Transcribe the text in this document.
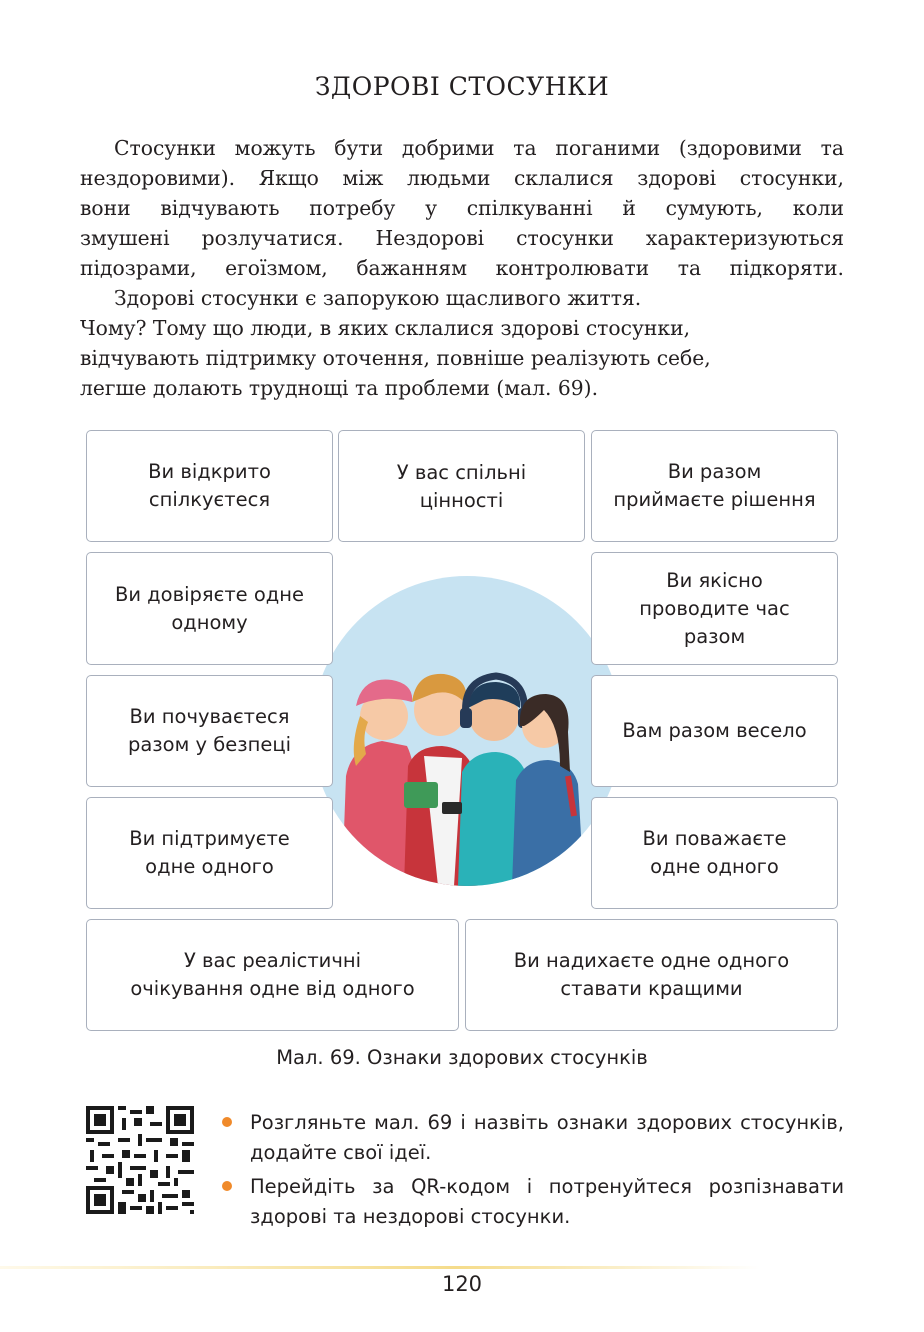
ЗДОРОВІ СТОСУНКИ

Стосунки можуть бути добрими та поганими (здоровими та
нездоровими). Якщо між людьми склалися здорові стосунки,
вони відчувають потребу у спілкуванні й сумують, коли
змушені розлучатися. Нездорові стосунки характеризуються
підозрами, егоїзмом, бажанням контролювати та підкоряти.

Здорові стосунки є запорукою щасливого життя.
Чому? Тому що люди, в яких склалися здорові стосунки,
відчувають підтримку оточення, повніше реалізують себе,
легше долають труднощі та проблеми (мал. 69).

Ви відкрито
спілкуєтеся
У вас спільні
цінності
Ви разом
приймаєте рішення
Ви довіряєте одне
одному
Ви якісно
проводите час
разом
Ви почуваєтеся
разом у безпеці
Вам разом весело
Ви підтримуєте
одне одного
Ви поважаєте
одне одного
У вас реалістичні
очікування одне від одного
Ви надихаєте одне одного
ставати кращими
Мал. 69. Ознаки здорових стосунків
Розгляньте мал. 69 і назвіть ознаки здорових стосунків, додайте свої ідеї.
Перейдіть за QR-кодом і потренуйтеся розпізнавати здорові та нездорові стосунки.
120
